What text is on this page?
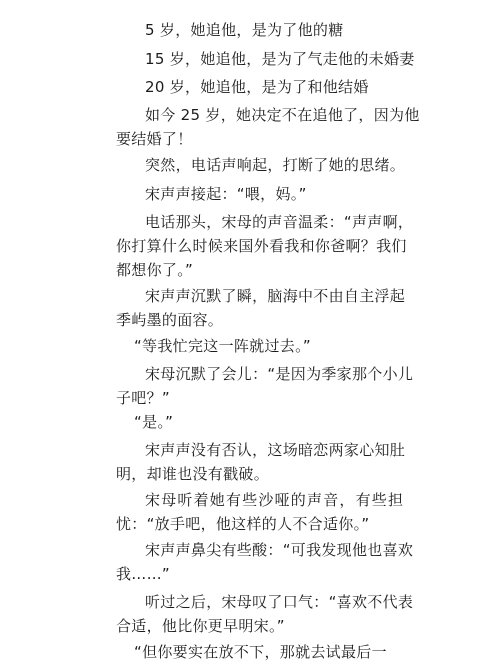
5 岁，她追他，是为了他的糖

15 岁，她追他，是为了气走他的未婚妻

20 岁，她追他，是为了和他结婚

如今 25 岁，她决定不在追他了，因为他
要结婚了！

突然，电话声响起，打断了她的思绪。

宋声声接起：“喂，妈。”

电话那头，宋母的声音温柔：“声声啊，
你打算什么时候来国外看我和你爸啊？我们
都想你了。”

宋声声沉默了瞬，脑海中不由自主浮起
季屿墨的面容。

“等我忙完这一阵就过去。”

宋母沉默了会儿：“是因为季家那个小儿
子吧？”

“是。”

宋声声没有否认，这场暗恋两家心知肚
明，却谁也没有戳破。

宋母听着她有些沙哑的声音，有些担
忧：“放手吧，他这样的人不合适你。”

宋声声鼻尖有些酸：“可我发现他也喜欢
我……”

听过之后，宋母叹了口气：“喜欢不代表
合适，他比你更早明宋。”

“但你要实在放不下，那就去试最后一
